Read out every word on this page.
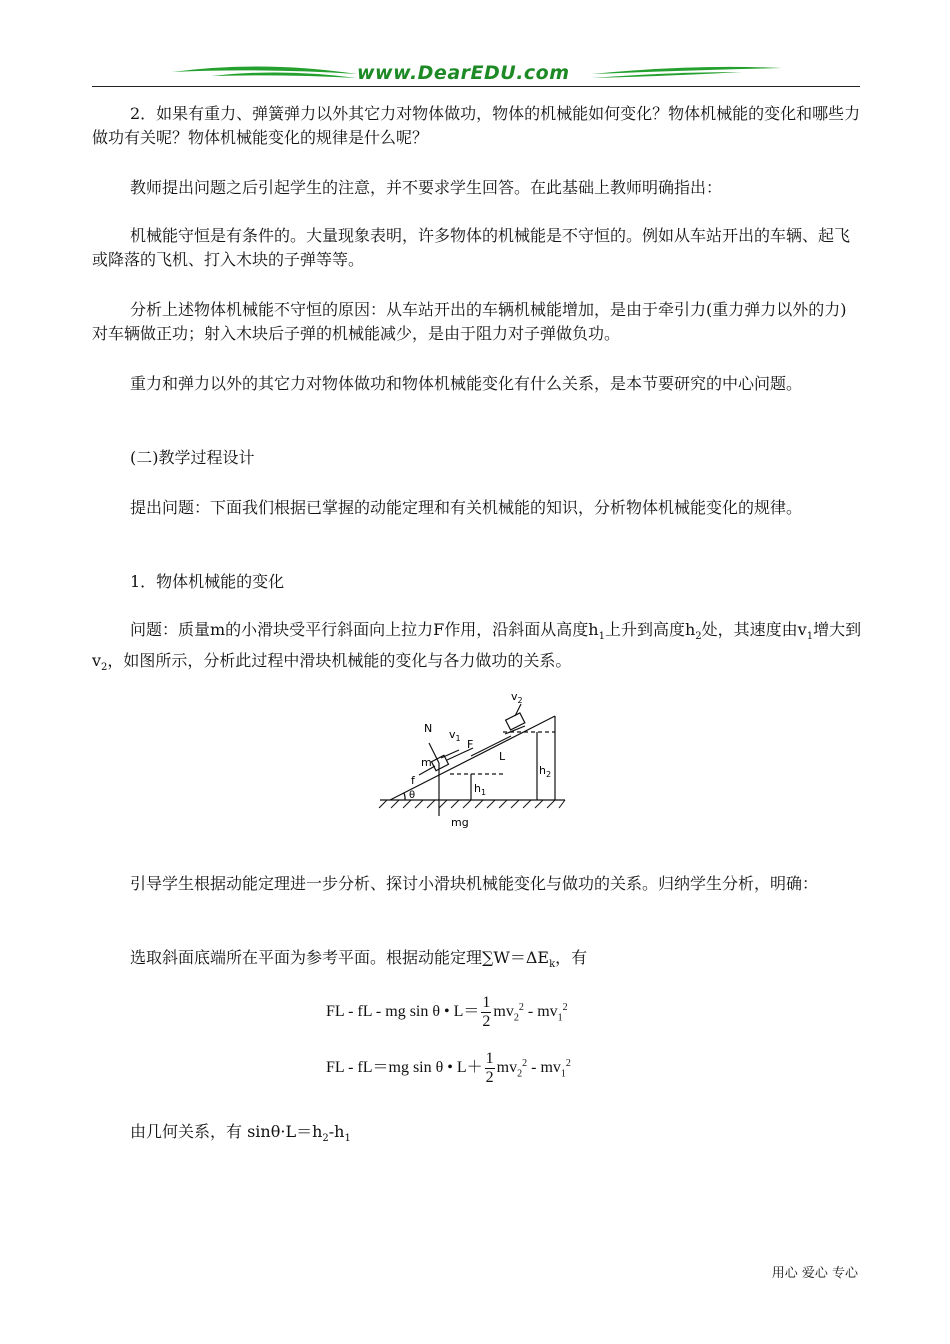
www.DearEDU.com

2．如果有重力、弹簧弹力以外其它力对物体做功，物体的机械能如何变化？物体机械能的变化和哪些力做功有关呢？物体机械能变化的规律是什么呢？

教师提出问题之后引起学生的注意，并不要求学生回答。在此基础上教师明确指出：

机械能守恒是有条件的。大量现象表明，许多物体的机械能是不守恒的。例如从车站开出的车辆、起飞或降落的飞机、打入木块的子弹等等。

分析上述物体机械能不守恒的原因：从车站开出的车辆机械能增加，是由于牵引力(重力弹力以外的力)对车辆做正功；射入木块后子弹的机械能减少，是由于阻力对子弹做负功。

重力和弹力以外的其它力对物体做功和物体机械能变化有什么关系，是本节要研究的中心问题。

(二)教学过程设计

提出问题：下面我们根据已掌握的动能定理和有关机械能的知识，分析物体机械能变化的规律。

1．物体机械能的变化

问题：质量m的小滑块受平行斜面向上拉力F作用，沿斜面从高度$h_1$上升到高度$h_2$处，其速度由$v_1$增大到$v_2$，如图所示，分析此过程中滑块机械能的变化与各力做功的关系。

N $v_1$ F
$v_2$
L
m
f
θ
$h_1$
$h_2$
mg

引导学生根据动能定理进一步分析、探讨小滑块机械能变化与做功的关系。归纳学生分析，明确：

选取斜面底端所在平面为参考平面。根据动能定理$\sum W=\Delta E_k$，有

FL - fL - mg sin θ • $L= \frac{1}{2} mv_2^2 - mv_1^2$
FL - fL＝mg sin θ • $L+ \frac{1}{2} mv_2^2 - mv_1^2$

由几何关系，有 $\sin\theta\cdot L=h_2-h_1$

用心 爱心 专心
